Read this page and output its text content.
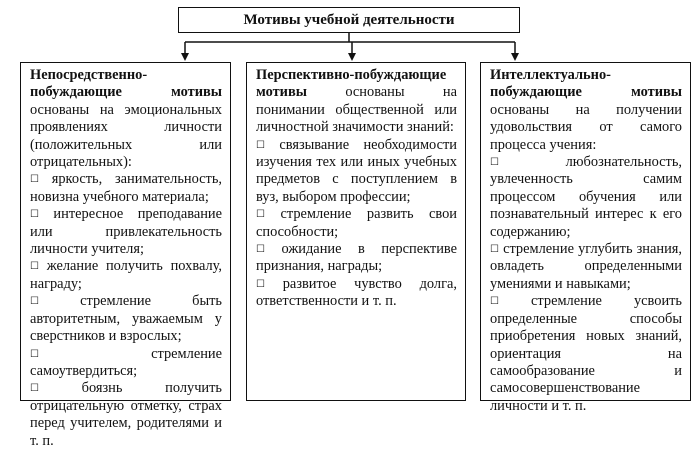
Мотивы учебной деятельности

Непосредственно-побуждающие мотивы основаны на эмоциональных проявлениях личности (положительных или отрицательных):

☐ яркость, занимательность, новизна учебного материала;

☐ интересное преподавание или привлекательность личности учителя;

☐ желание получить похвалу, награду;

☐ стремление быть авторитетным, уважаемым у сверстников и взрослых;

☐ стремление самоутвердиться;

☐ боязнь получить отрицательную отметку, страх перед учителем, родителями и т. п.

Перспективно-побуждающие мотивы основаны на понимании общественной или личностной значимости знаний:

☐ связывание необходимости изучения тех или иных учебных предметов с поступлением в вуз, выбором профессии;

☐ стремление развить свои способности;

☐ ожидание в перспективе признания, награды;

☐ развитое чувство долга, ответственности и т. п.

Интеллектуально-побуждающие мотивы основаны на получении удовольствия от самого процесса учения:

☐ любознательность, увлеченность самим процессом обучения или познавательный интерес к его содержанию;

☐ стремление углубить знания, овладеть определенными умениями и навыками;

☐ стремление усвоить определенные способы приобретения новых знаний, ориентация на самообразование и самосовершенствование личности и т. п.
